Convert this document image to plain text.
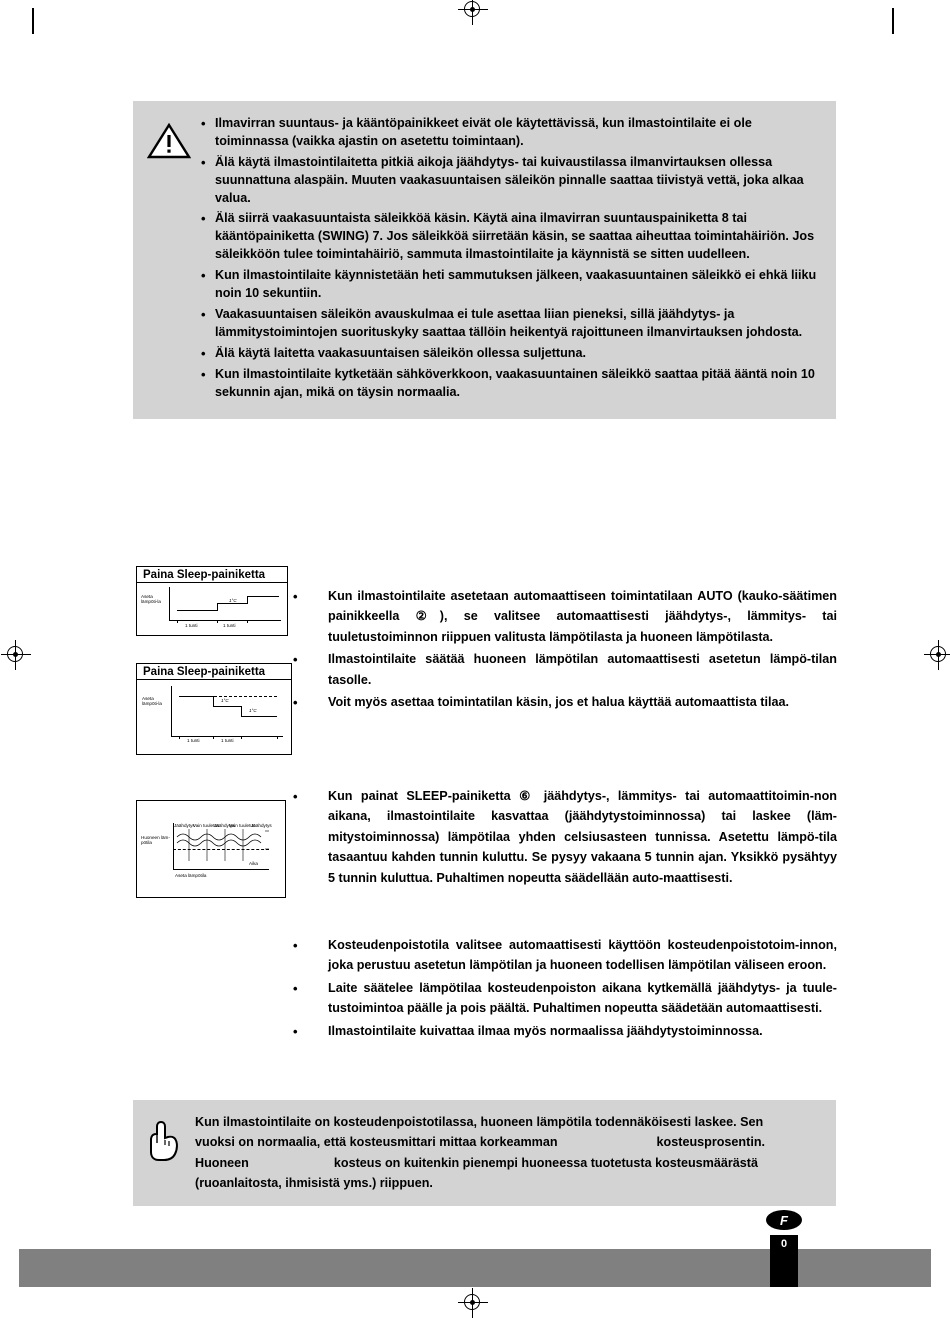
• Ilmavirran suuntaus- ja kääntöpainikkeet eivät ole käytettävissä, kun ilmastointilaite ei ole toiminnassa (vaikka ajastin on asetettu toimintaan).
• Älä käytä ilmastointilaitetta pitkiä aikoja jäähdytys- tai kuivaustilassa ilmanvirtauksen ollessa suunnattuna alaspäin. Muuten vaakasuuntaisen säleikön pinnalle saattaa tiivistyä vettä, joka alkaa valua.
• Älä siirrä vaakasuuntaista säleikköä käsin. Käytä aina ilmavirran suuntauspainiketta 8 tai kääntöpainiketta (SWING) 7. Jos säleikköä siirretään käsin, se saattaa aiheuttaa toimintahäiriön. Jos säleikköön tulee toimintahäiriö, sammuta ilmastointilaite ja käynnistä se sitten uudelleen.
• Kun ilmastointilaite käynnistetään heti sammutuksen jälkeen, vaakasuuntainen säleikkö ei ehkä liiku noin 10 sekuntiin.
• Vaakasuuntaisen säleikön avauskulmaa ei tule asettaa liian pieneksi, sillä jäähdytys- ja lämmitystoimintojen suorituskyky saattaa tällöin heikentyä rajoittuneen ilmanvirtauksen johdosta.
• Älä käytä laitetta vaakasuuntaisen säleikön ollessa suljettuna.
• Kun ilmastointilaite kytketään sähköverkkoon, vaakasuuntainen säleikkö saattaa pitää ääntä noin 10 sekunnin ajan, mikä on täysin normaalia.
Paina Sleep-painiketta
Aseta lämpöti-la	1°C
1 tunti	1 tunti
Paina Sleep-painiketta
Aseta lämpöti-la
1°C
1°C
1 tunti	1 tunti
Huoneen läm-pötila
Aika
Aseta lämpötila
Jäähdytys
Vain tuuletus
Jäähdytys
Vain tuuletus
Jäähdytys
•	Kun ilmastointilaite asetetaan automaattiseen toimintatilaan AUTO (kauko-säätimen painikkeella ②), se valitsee automaattisesti jäähdytys-, lämmitys- tai tuuletustoiminnon riippuen valitusta lämpötilasta ja huoneen lämpötilasta.
•	Ilmastointilaite säätää huoneen lämpötilan automaattisesti asetetun lämpö-tilan tasolle.
•	Voit myös asettaa toimintatilan käsin, jos et halua käyttää automaattista tilaa.
•	Kun painat SLEEP-painiketta ⑥ jäähdytys-, lämmitys- tai automaattitoimin-non aikana, ilmastointilaite kasvattaa (jäähdytystoiminnossa) tai laskee (läm-mitystoiminnossa) lämpötilaa yhden celsiusasteen tunnissa. Asetettu lämpö-tila tasaantuu kahden tunnin kuluttu. Se pysyy vakaana 5 tunnin ajan. Yksikkö pysähtyy 5 tunnin kuluttua. Puhaltimen nopeutta säädellään auto-maattisesti.
•	Kosteudenpoistotila valitsee automaattisesti käyttöön kosteudenpoistotoim-innon, joka perustuu asetetun lämpötilan ja huoneen todellisen lämpötilan väliseen eroon.
•	Laite säätelee lämpötilaa kosteudenpoiston aikana kytkemällä jäähdytys- ja tuule-tustoimintoa päälle ja pois päältä. Puhaltimen nopeutta säädetään automaattisesti.
•	Ilmastointilaite kuivattaa ilmaa myös normaalissa jäähdytystoiminnossa.

Kun ilmastointilaite on kosteudenpoistotilassa, huoneen lämpötila todennäköisesti laskee. Sen

vuoksi on normaalia, että kosteusmittari mittaa korkeamman	kosteusprosentin.

Huoneen	kosteus on kuitenkin pienempi huoneessa tuotetusta kosteusmäärästä

(ruoanlaitosta, ihmisistä yms.) riippuen.

F
0
